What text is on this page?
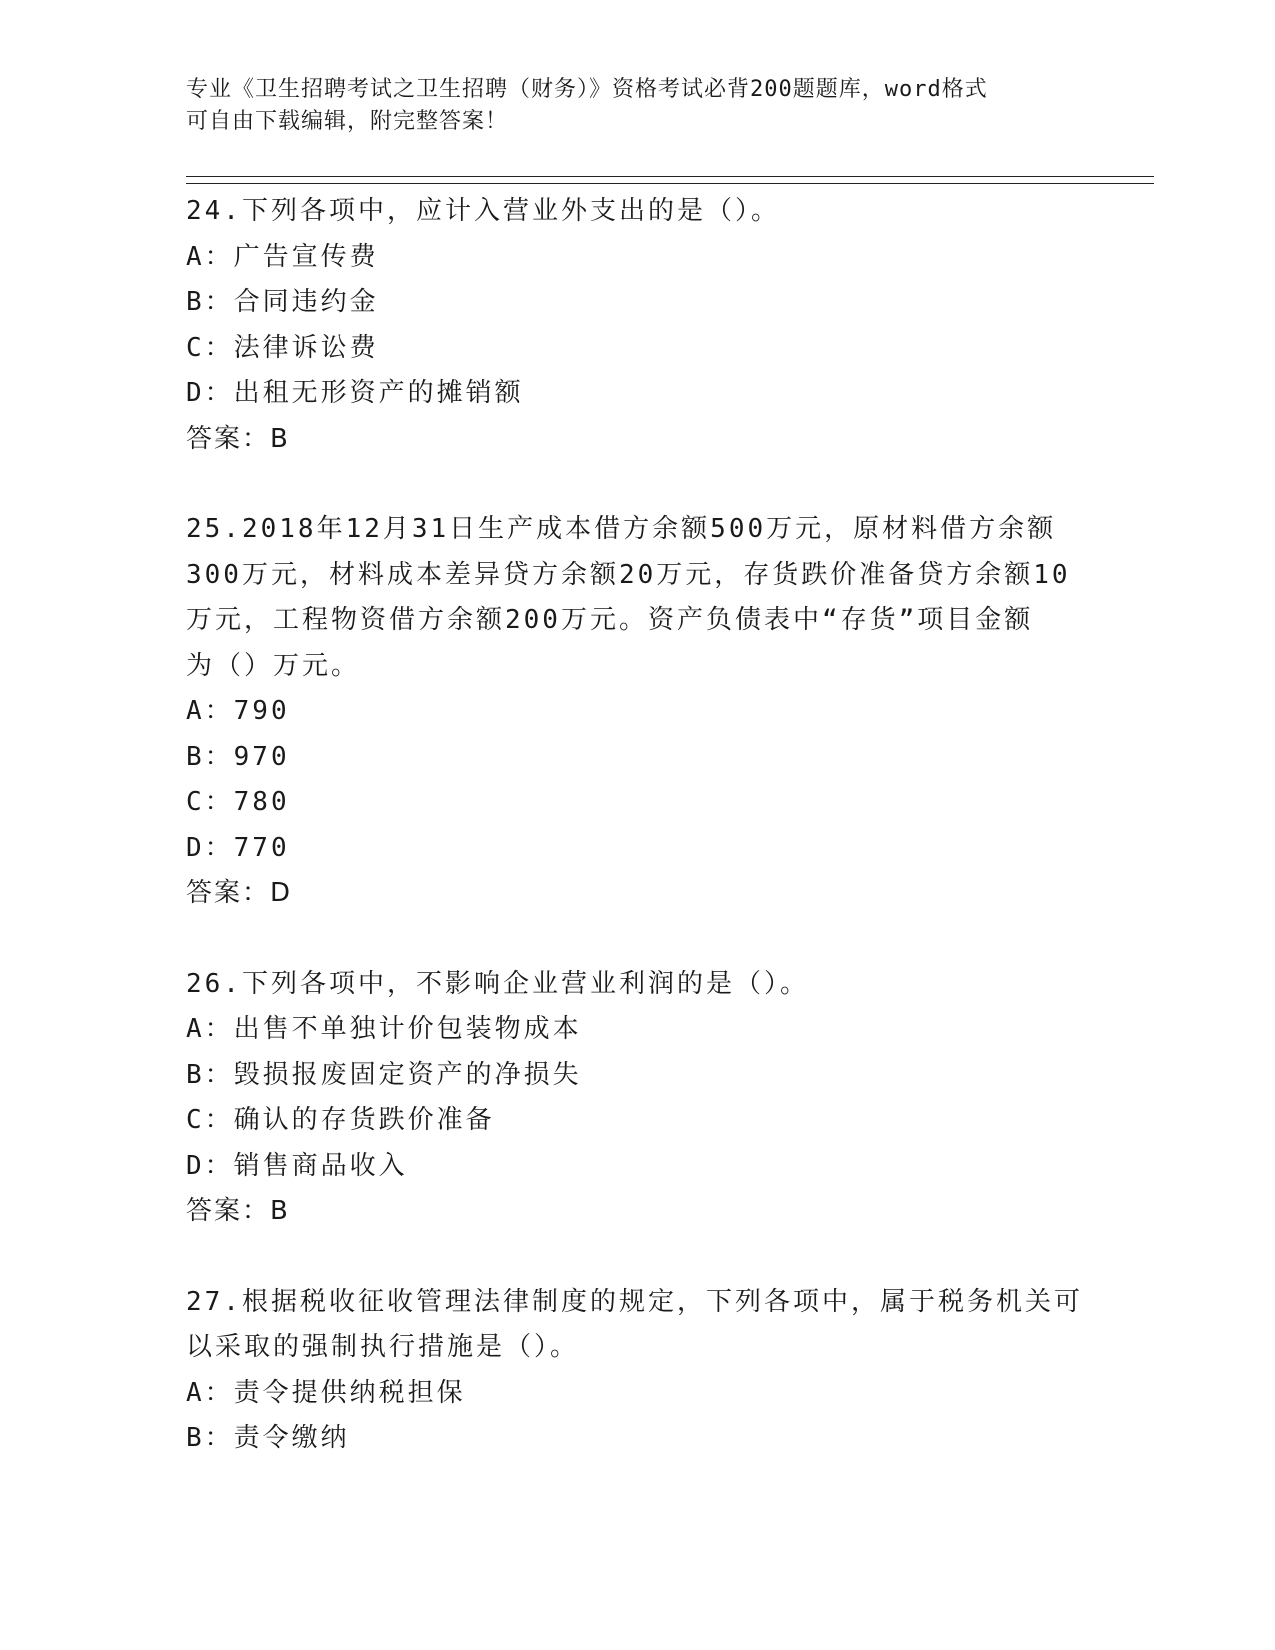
专业《卫生招聘考试之卫生招聘（财务）》资格考试必背200题题库，word格式
可自由下载编辑，附完整答案！
24.下列各项中，应计入营业外支出的是（）。
A：广告宣传费
B：合同违约金
C：法律诉讼费
D：出租无形资产的摊销额
答案：B
25.2018年12月31日生产成本借方余额500万元，原材料借方余额
300万元，材料成本差异贷方余额20万元，存货跌价准备贷方余额10
万元，工程物资借方余额200万元。资产负债表中“存货”项目金额
为（）万元。
A：790
B：970
C：780
D：770
答案：D
26.下列各项中，不影响企业营业利润的是（）。
A：出售不单独计价包装物成本
B：毁损报废固定资产的净损失
C：确认的存货跌价准备
D：销售商品收入
答案：B
27.根据税收征收管理法律制度的规定，下列各项中，属于税务机关可
以采取的强制执行措施是（）。
A：责令提供纳税担保
B：责令缴纳
